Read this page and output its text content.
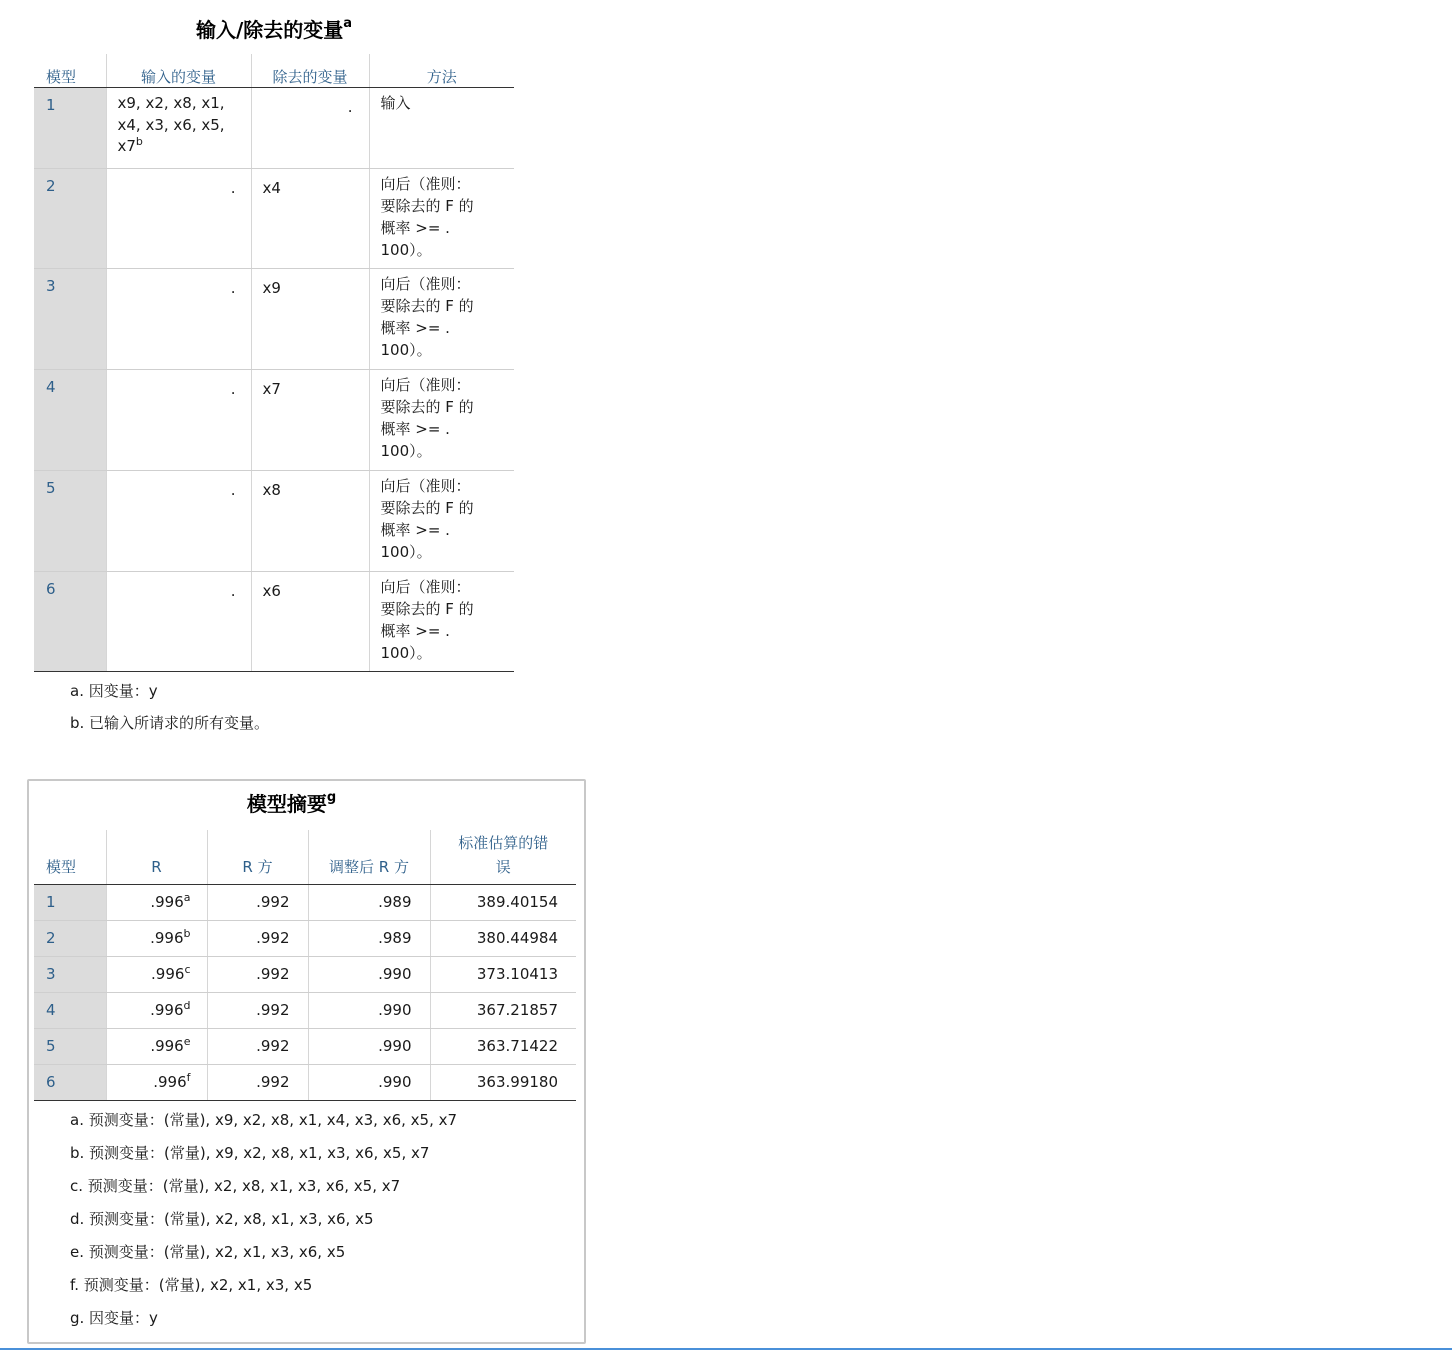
输入/除去的变量$^a$
模型	输入的变量	除去的变量	方法
1	x9, x2, x8, x1,
x4, x3, x6, x5,
x7$^b$	.	输入

2	.	x4	向后（准则：
要除去的 F 的
概率 >= .
100）。

3	.	x9	向后（准则：
要除去的 F 的
概率 >= .
100）。

4	.	x7	向后（准则：
要除去的 F 的
概率 >= .
100）。

5	.	x8	向后（准则：
要除去的 F 的
概率 >= .
100）。

6	.	x6	向后（准则：
要除去的 F 的
概率 >= .
100）。
a. 因变量：y
b. 已输入所请求的所有变量。
模型摘要$^g$
模型	R	R 方	调整后 R 方	标准估算的错
误

1	.996$^a$	.992	.989	389.40154
2	.996$^b$	.992	.989	380.44984
3	.996$^c$	.992	.990	373.10413
4	.996$^d$	.992	.990	367.21857
5	.996e	.992	.990	363.71422
6	.996$^f$	.992	.990	363.99180
a. 预测变量：(常量), x9, x2, x8, x1, x4, x3, x6, x5, x7
b. 预测变量：(常量), x9, x2, x8, x1, x3, x6, x5, x7
c. 预测变量：(常量), x2, x8, x1, x3, x6, x5, x7
d. 预测变量：(常量), x2, x8, x1, x3, x6, x5
e. 预测变量：(常量), x2, x1, x3, x6, x5
f. 预测变量：(常量), x2, x1, x3, x5
g. 因变量：y
